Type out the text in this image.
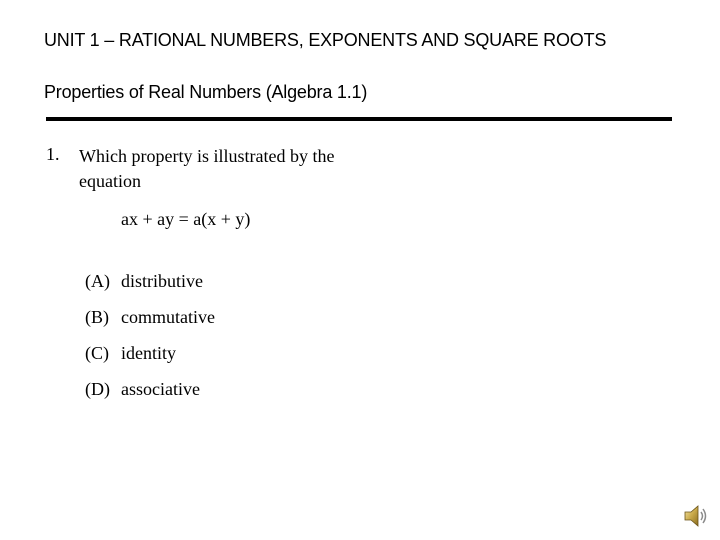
UNIT 1 – RATIONAL NUMBERS, EXPONENTS AND SQUARE ROOTS
Properties of Real Numbers (Algebra 1.1)
1. Which property is illustrated by the equation
ax + ay = a(x + y)
(A) distributive
(B) commutative
(C) identity
(D) associative
